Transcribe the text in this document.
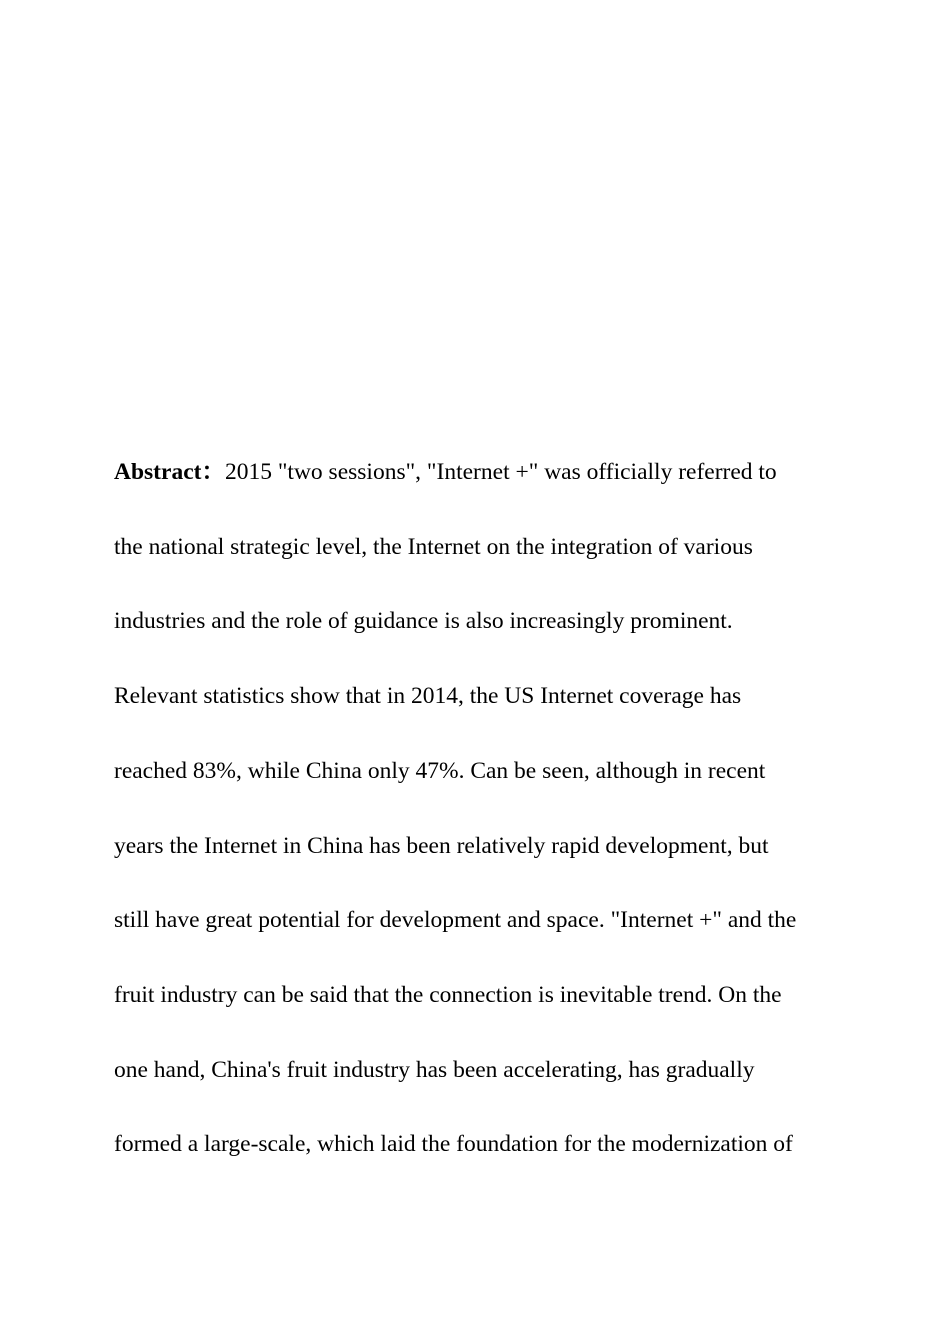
Abstract：2015 "two sessions", "Internet +" was officially referred to
the national strategic level, the Internet on the integration of various
industries and the role of guidance is also increasingly prominent.
Relevant statistics show that in 2014, the US Internet coverage has
reached 83%, while China only 47%. Can be seen, although in recent
years the Internet in China has been relatively rapid development, but
still have great potential for development and space. "Internet +" and the
fruit industry can be said that the connection is inevitable trend. On the
one hand, China's fruit industry has been accelerating, has gradually
formed a large-scale, which laid the foundation for the modernization of
